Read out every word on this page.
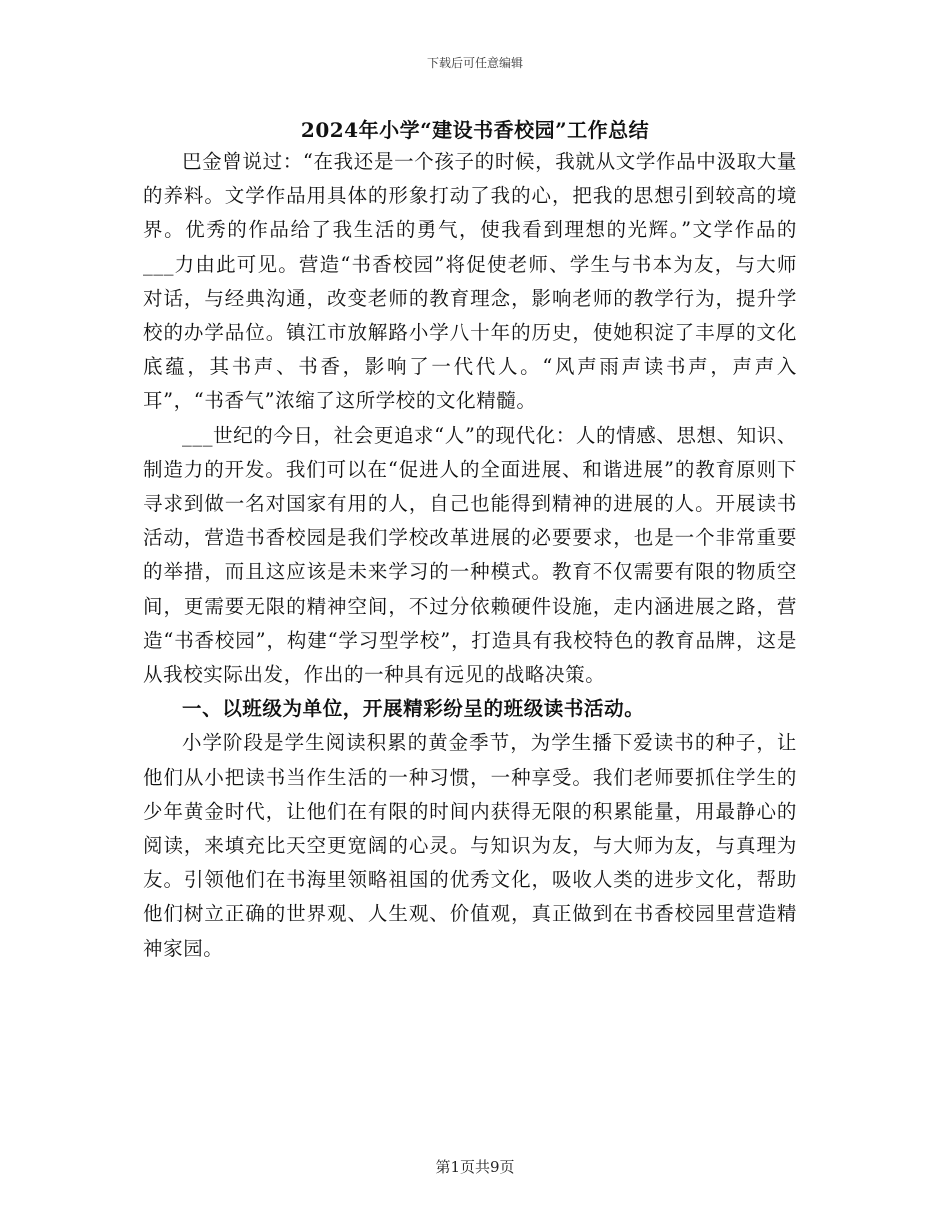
下载后可任意编辑
2024年小学“建设书香校园”工作总结

巴金曾说过：“在我还是一个孩子的时候，我就从文学作品中汲取大量的养料。文学作品用具体的形象打动了我的心，把我的思想引到较高的境界。优秀的作品给了我生活的勇气，使我看到理想的光辉。”文学作品的___力由此可见。营造“书香校园”将促使老师、学生与书本为友，与大师对话，与经典沟通，改变老师的教育理念，影响老师的教学行为，提升学校的办学品位。镇江市放解路小学八十年的历史，使她积淀了丰厚的文化底蕴，其书声、书香，影响了一代代人。“风声雨声读书声，声声入耳”，“书香气”浓缩了这所学校的文化精髓。

___世纪的今日，社会更追求“人”的现代化：人的情感、思想、知识、制造力的开发。我们可以在“促进人的全面进展、和谐进展”的教育原则下寻求到做一名对国家有用的人，自己也能得到精神的进展的人。开展读书活动，营造书香校园是我们学校改革进展的必要要求，也是一个非常重要的举措，而且这应该是未来学习的一种模式。教育不仅需要有限的物质空间，更需要无限的精神空间，不过分依赖硬件设施，走内涵进展之路，营造“书香校园”，构建“学习型学校”，打造具有我校特色的教育品牌，这是从我校实际出发，作出的一种具有远见的战略决策。

一、以班级为单位，开展精彩纷呈的班级读书活动。

小学阶段是学生阅读积累的黄金季节，为学生播下爱读书的种子，让他们从小把读书当作生活的一种习惯，一种享受。我们老师要抓住学生的少年黄金时代，让他们在有限的时间内获得无限的积累能量，用最静心的阅读，来填充比天空更宽阔的心灵。与知识为友，与大师为友，与真理为友。引领他们在书海里领略祖国的优秀文化，吸收人类的进步文化，帮助他们树立正确的世界观、人生观、价值观，真正做到在书香校园里营造精神家园。

第1页共9页
